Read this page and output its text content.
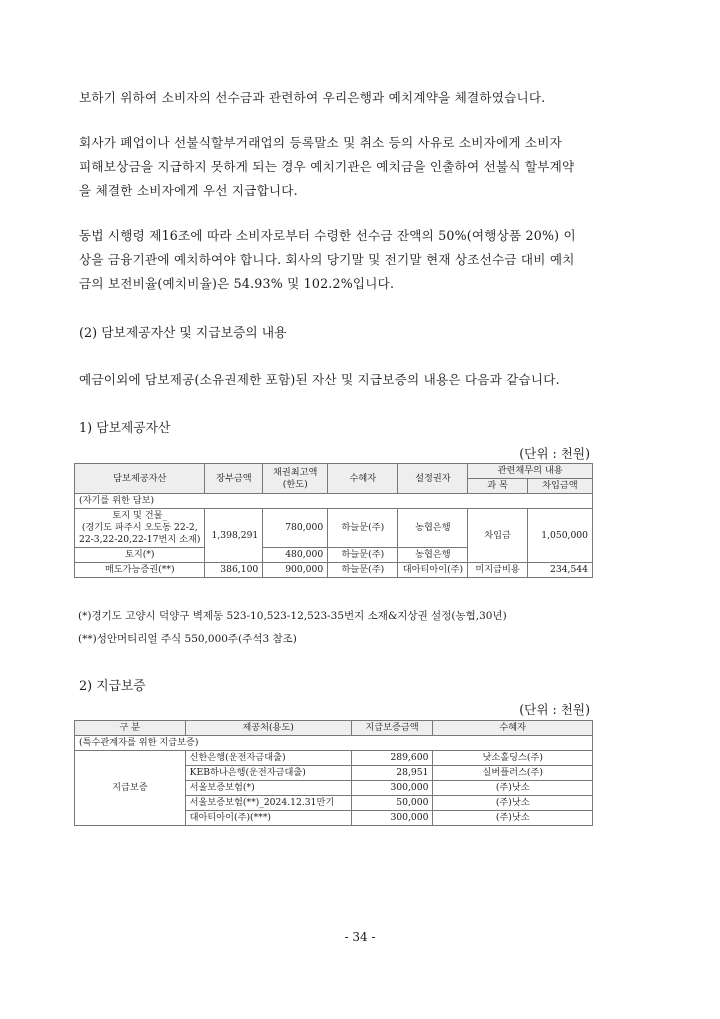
보하기 위하여 소비자의 선수금과 관련하여 우리은행과 예치계약을 체결하였습니다.
회사가 폐업이나 선불식할부거래업의 등록말소 및 취소 등의 사유로 소비자에게 소비자
피해보상금을 지급하지 못하게 되는 경우 예치기관은 예치금을 인출하여 선불식 할부계약
을 체결한 소비자에게 우선 지급합니다.
동법 시행령 제16조에 따라 소비자로부터 수령한 선수금 잔액의 50%(여행상품 20%) 이
상을 금융기관에 예치하여야 합니다. 회사의 당기말 및 전기말 현재 상조선수금 대비 예치
금의 보전비율(예치비율)은 54.93% 및 102.2%입니다.

(2) 담보제공자산 및 지급보증의 내용

예금이외에 담보제공(소유권제한 포함)된 자산 및 지급보증의 내용은 다음과 같습니다.

1) 담보제공자산

(단위 : 천원)
담보제공자산	장부금액	채권최고액
(한도)	수혜자	설정권자	관련채무의 내용	
					과 목	차입금액
(자기를 위한 담보)						

토지 및 건물_
(경기도 파주시 오도동 22-2,
22-3,22-20,22-17번지 소재)	1,398,291	780,000	하늘문(주)	농협은행	차입금	1,050,000
토지(*)		480,000	하늘문(주)	농협은행		
매도가능증권(**)	386,100	900,000	하늘문(주)	대아티아이(주)	미지급비용	234,544
(*)경기도 고양시 덕양구 벽제동 523-10,523-12,523-35번지 소재&지상권 설정(농협,30년)
(**)성안머티리얼 주식 550,000주(주석3 참조)

2) 지급보증

(단위 : 천원)
구 분	제공처(용도)	지급보증금액	수혜자
(특수관계자를 위한 지급보증)			
지급보증	신한은행(운전자금대출)	289,600	낫소홀딩스(주)
	KEB하나은행(운전자금대출)	28,951	실버플러스(주)
	서울보증보험(*)	300,000	(주)낫소
	서울보증보험(**)_2024.12.31만기	50,000	(주)낫소
	대아티아이(주)(***)	300,000	(주)낫소
- 34 -
